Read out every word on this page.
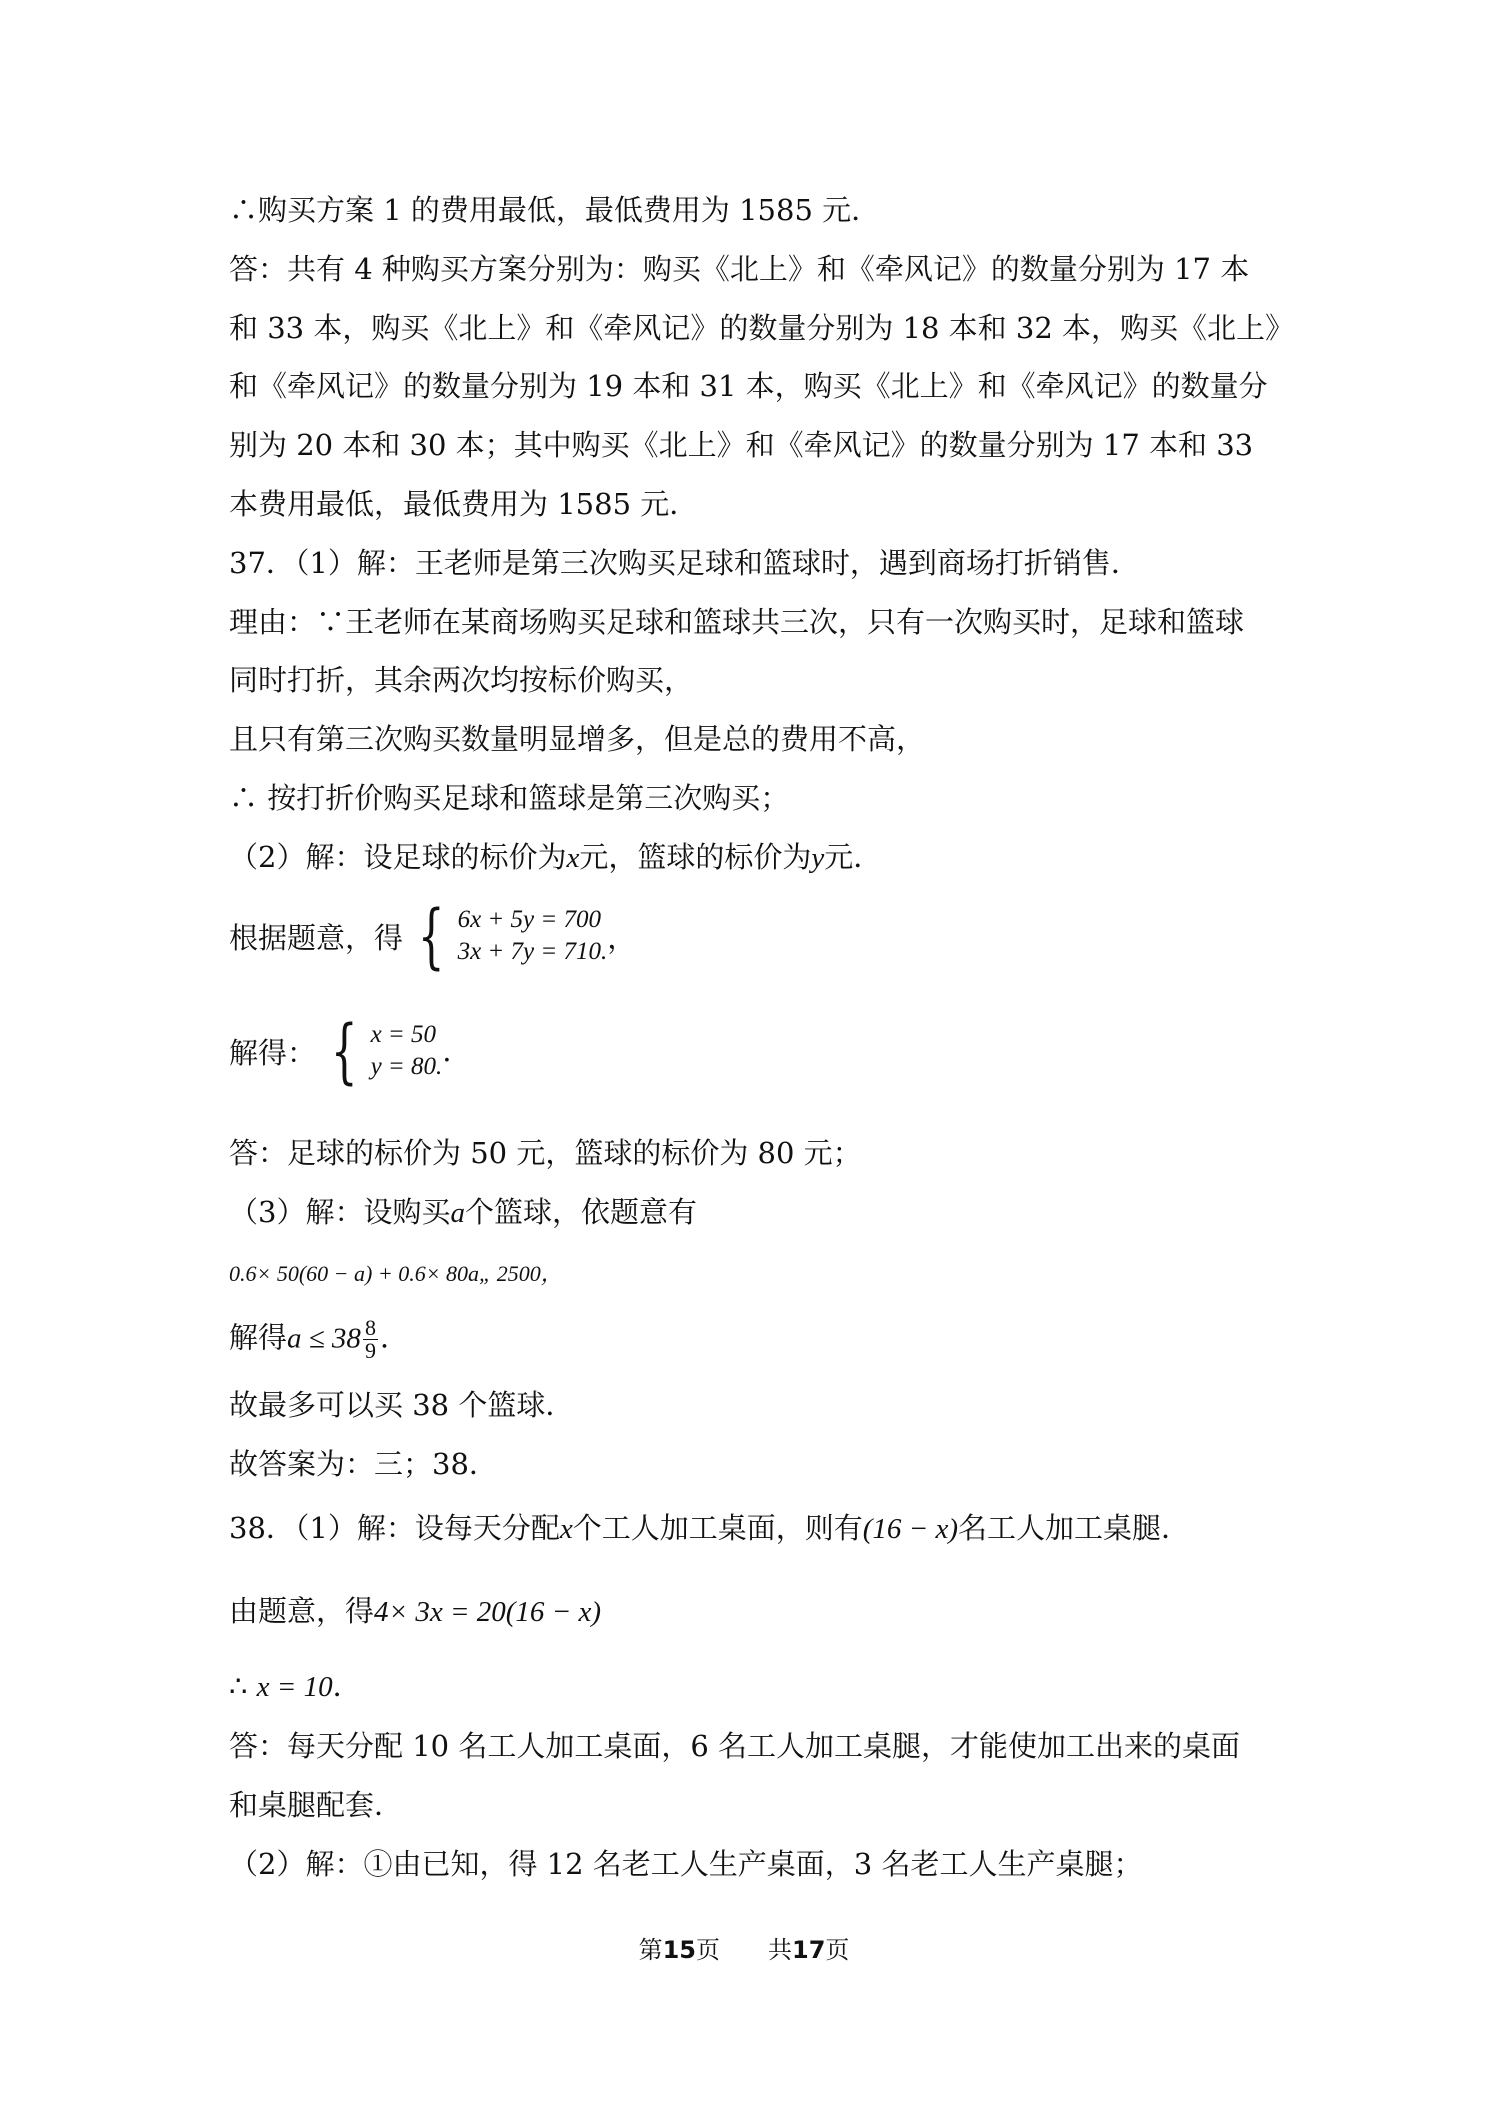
∴购买方案 1 的费用最低，最低费用为 1585 元．
答：共有 4 种购买方案分别为：购买《北上》和《牵风记》的数量分别为 17 本
和 33 本，购买《北上》和《牵风记》的数量分别为 18 本和 32 本，购买《北上》
和《牵风记》的数量分别为 19 本和 31 本，购买《北上》和《牵风记》的数量分
别为 20 本和 30 本；其中购买《北上》和《牵风记》的数量分别为 17 本和 33
本费用最低，最低费用为 1585 元．
37．（1）解：王老师是第三次购买足球和篮球时，遇到商场打折销售．
理由：∵王老师在某商场购买足球和篮球共三次，只有一次购买时，足球和篮球
同时打折，其余两次均按标价购买，
且只有第三次购买数量明显增多，但是总的费用不高，
∴ 按打折价购买足球和篮球是第三次购买；
（2）解：设足球的标价为x元，篮球的标价为y元．
根据题意，得 { 6x + 5y = 700
3x + 7y = 710. ，
解得： { x = 50
y = 80. .
答：足球的标价为 50 元，篮球的标价为 80 元；
（3）解：设购买a个篮球，依题意有
0.6× 50(60 − a) + 0.6× 80a„ 2500，
解得$a \le 38 \frac{8}{9}$ ．
故最多可以买 38 个篮球．
故答案为：三；38．
38．（1）解：设每天分配x个工人加工桌面，则有(16 − x)名工人加工桌腿．
由题意，得4× 3x = 20(16 − x)
∴ x = 10．
答：每天分配 10 名工人加工桌面，6 名工人加工桌腿，才能使加工出来的桌面
和桌腿配套．
（2）解：①由已知，得 12 名老工人生产桌面，3 名老工人生产桌腿；
第15页　　共17页
